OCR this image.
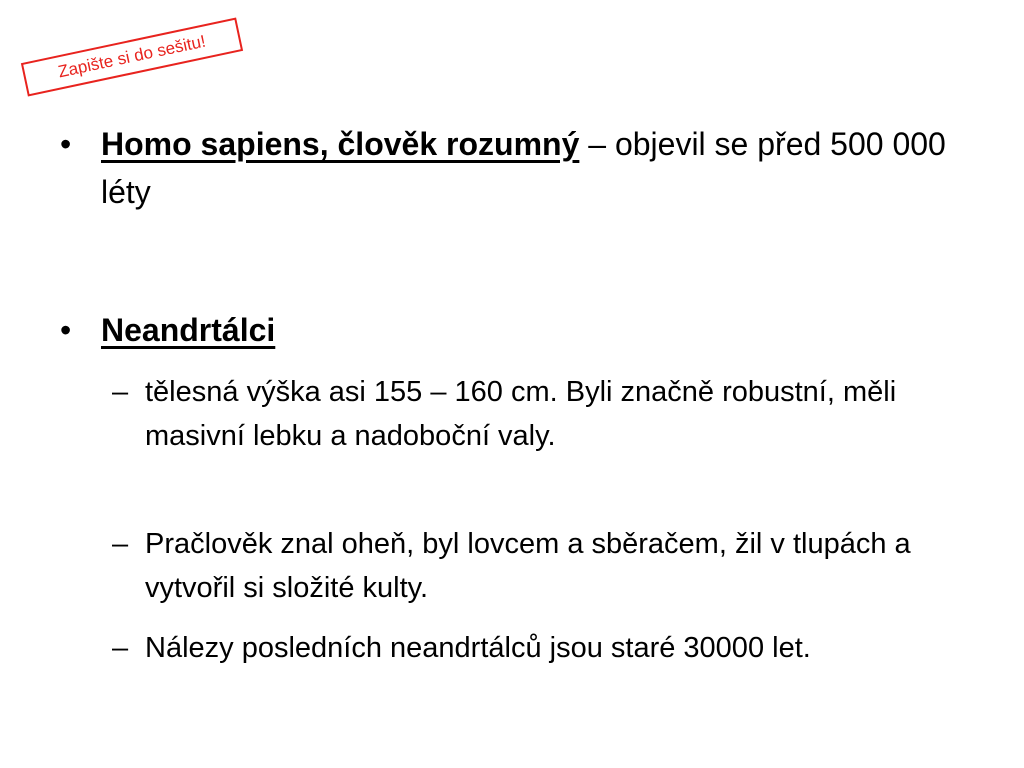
Zapište si do sešitu!
• Homo sapiens, člověk rozumný – objevil se před 500 000 léty
• Neandrtálci
– tělesná výška asi 155 – 160 cm. Byli značně robustní, měli masivní lebku a nadoboční valy.
– Pračlověk znal oheň, byl lovcem a sběračem, žil v tlupách a vytvořil si složité kulty.
– Nálezy posledních neandrtálců jsou staré 30000 let.
